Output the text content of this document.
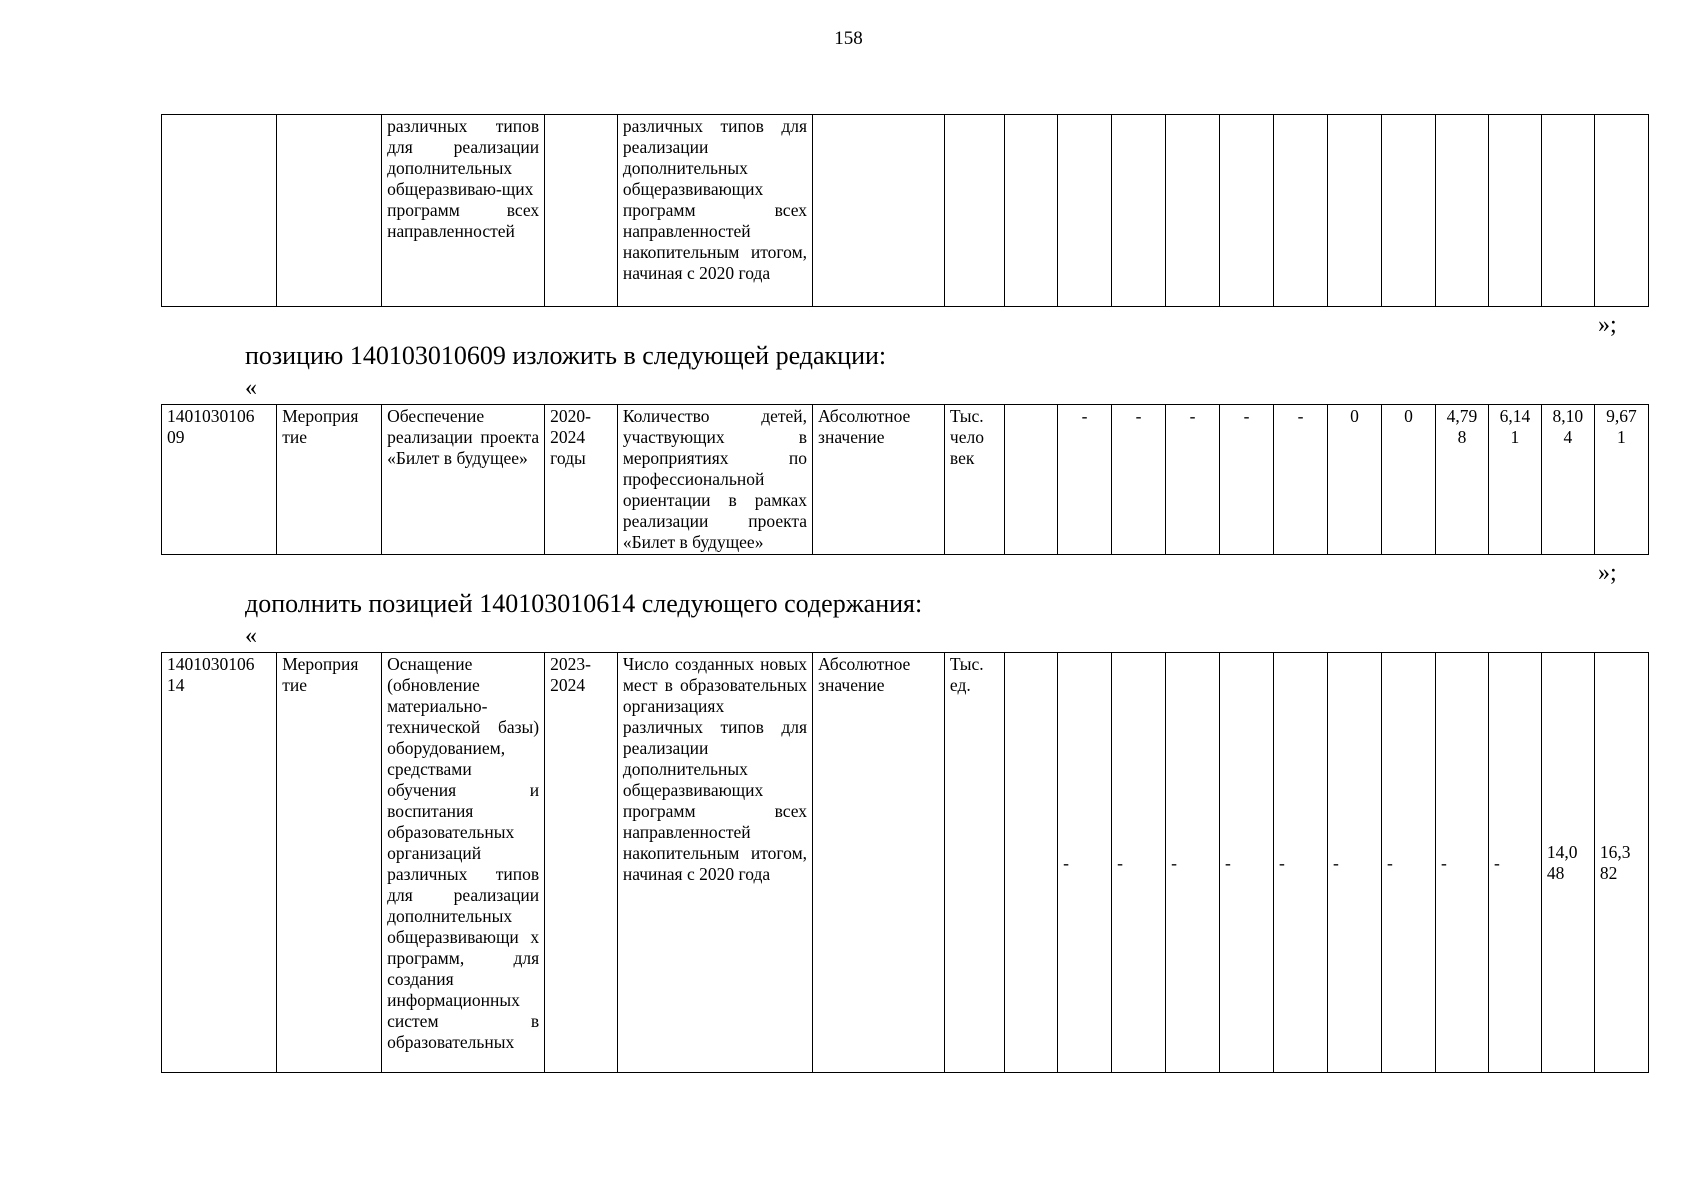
158
		различных типов для реализации дополнительных общеразвиваю-щих программ всех направленностей		различных типов для реализации дополнительных общеразвивающих программ всех направленностей накопительным итогом, начиная с 2020 года														
»;
позицию 140103010609 изложить в следующей редакции:
«
1401030106 09	Мероприя тие	Обеспечение реализации проекта «Билет в будущее»	2020-2024 годы	Количество детей, участвующих в мероприятиях по профессиональной ориентации в рамках реализации проекта «Билет в будущее»	Абсолютное значение	Тыс. чело век		-	-	-	-	-	0	0	4,79 8	6,14 1	8,10 4	9,67 1
»;
дополнить позицией 140103010614 следующего содержания:
«
1401030106 14	Мероприя тие	Оснащение (обновление материально-технической базы) оборудованием, средствами обучения и воспитания образовательных организаций различных типов для реализации дополнительных общеразвивающи х программ, для создания информационных систем в образовательных	2023-2024	Число созданных новых мест в образовательных организациях различных типов для реализации дополнительных общеразвивающих программ всех направленностей накопительным итогом, начиная с 2020 года	Абсолютное значение	Тыс. ед.		-	-	-	-	-	-	-	-	-	14,0 48	16,3 82
